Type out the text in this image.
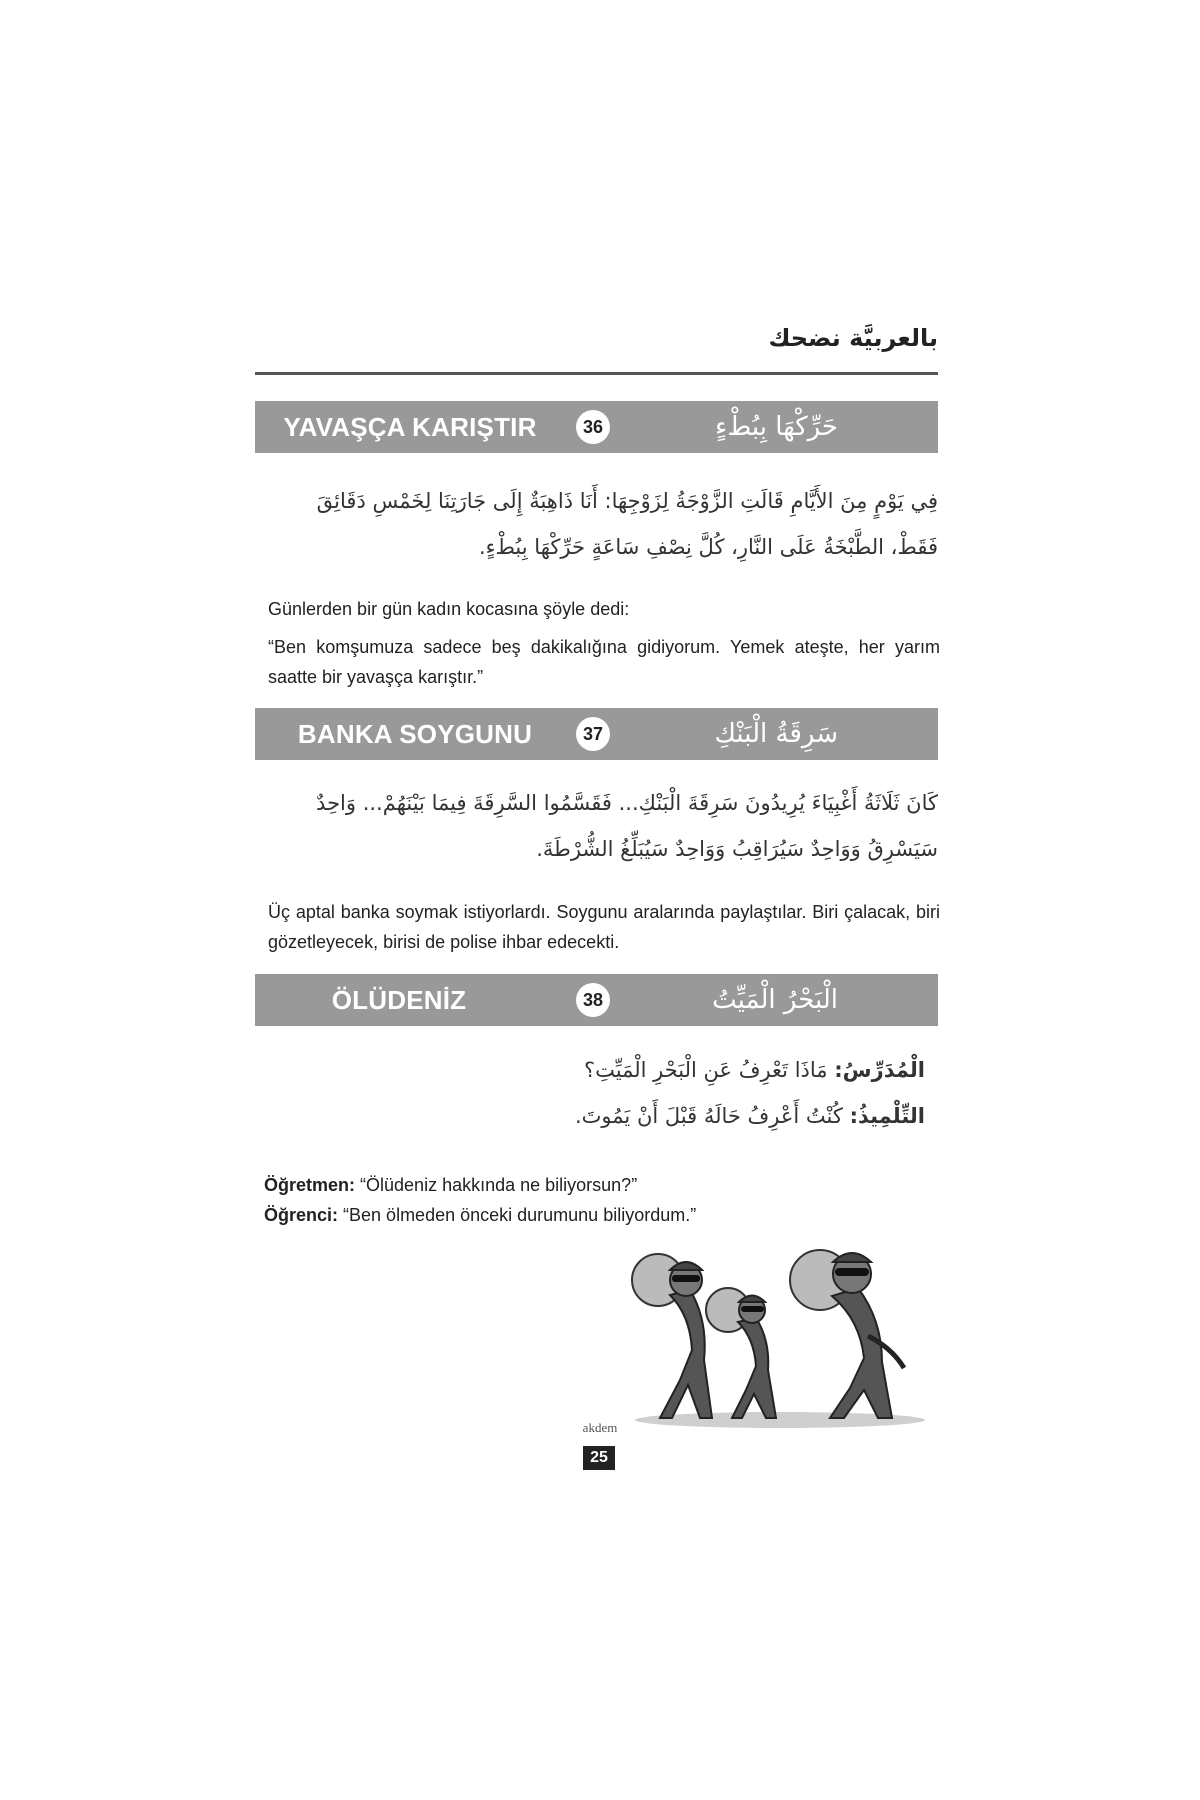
بالعربيَّة نضحك
YAVAŞÇA KARIŞTIR	36	حَرِّكْهَا بِبُطْءٍ
فِي يَوْمٍ مِنَ الأَيَّامِ قَالَتِ الزَّوْجَةُ لِزَوْجِهَا: أَنَا ذَاهِبَةٌ إِلَى جَارَتِنَا لِخَمْسِ دَقَائِقَ
فَقَطْ، الطَّبْخَةُ عَلَى النَّارِ، كُلَّ نِصْفِ سَاعَةٍ حَرِّكْهَا بِبُطْءٍ.

Günlerden bir gün kadın kocasına şöyle dedi:

“Ben komşumuza sadece beş dakikalığına gidiyorum. Yemek ateşte, her yarım saatte bir yavaşça karıştır.”

BANKA SOYGUNU	37	سَرِقَةُ الْبَنْكِ
كَانَ ثَلَاثَةُ أَغْبِيَاءَ يُرِيدُونَ سَرِقَةَ الْبَنْكِ... فَقَسَّمُوا السَّرِقَةَ فِيمَا بَيْنَهُمْ... وَاحِدٌ
سَيَسْرِقُ وَوَاحِدٌ سَيُرَاقِبُ وَوَاحِدٌ سَيُبَلِّغُ الشُّرْطَةَ.

Üç aptal banka soymak istiyorlardı. Soygunu aralarında paylaştılar. Biri çalacak, biri gözetleyecek, birisi de polise ihbar edecekti.

ÖLÜDENİZ	38	الْبَحْرُ الْمَيِّتُ
الْمُدَرِّسُ: مَاذَا تَعْرِفُ عَنِ الْبَحْرِ الْمَيِّتِ؟
التِّلْمِيذُ: كُنْتُ أَعْرِفُ حَالَهُ قَبْلَ أَنْ يَمُوتَ.

Öğretmen: “Ölüdeniz hakkında ne biliyorsun?”

Öğrenci: “Ben ölmeden önceki durumunu biliyordum.”

akdem
25
